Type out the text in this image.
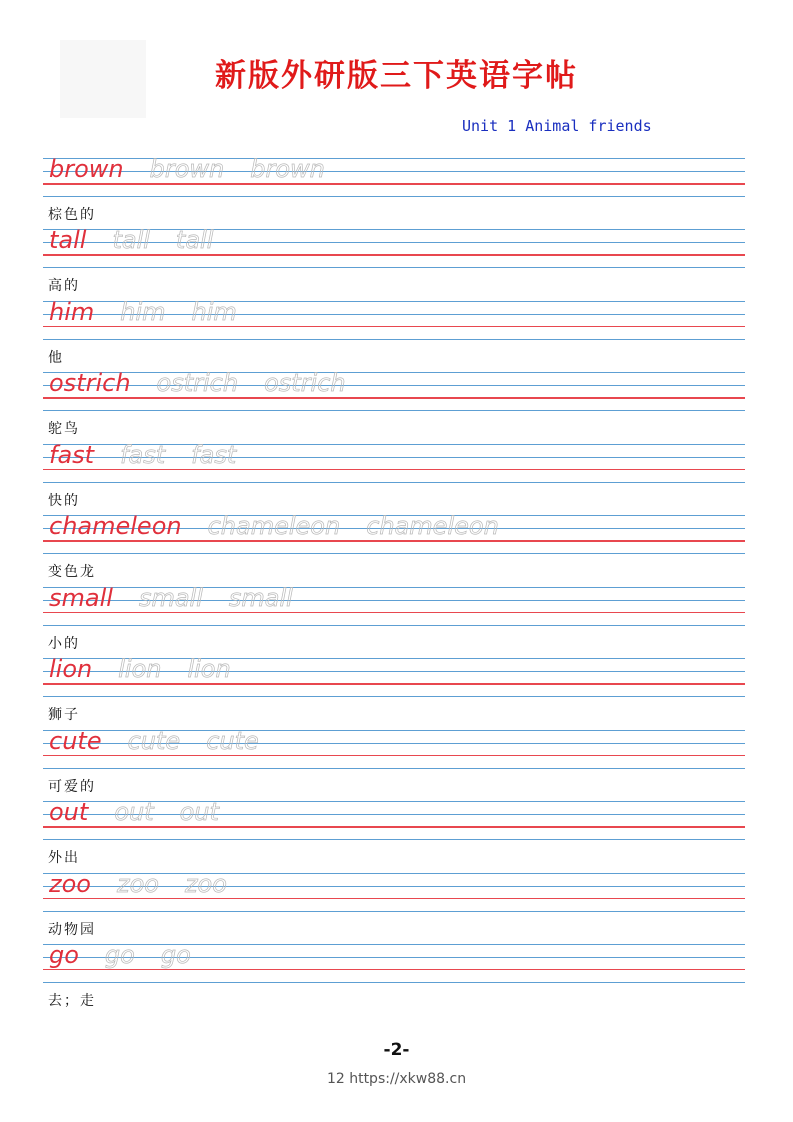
新版外研版三下英语字帖
Unit 1 Animal friends
brown brown brown
棕色的
tall tall tall
高的
him him him
他
ostrich ostrich ostrich
鸵鸟
fast fast fast
快的
chameleon chameleon chameleon
变色龙
small small small
小的
lion lion lion
狮子
cute cute cute
可爱的
out out out
外出
zoo zoo zoo
动物园
go go go
去；走
-2-
12 https://xkw88.cn
